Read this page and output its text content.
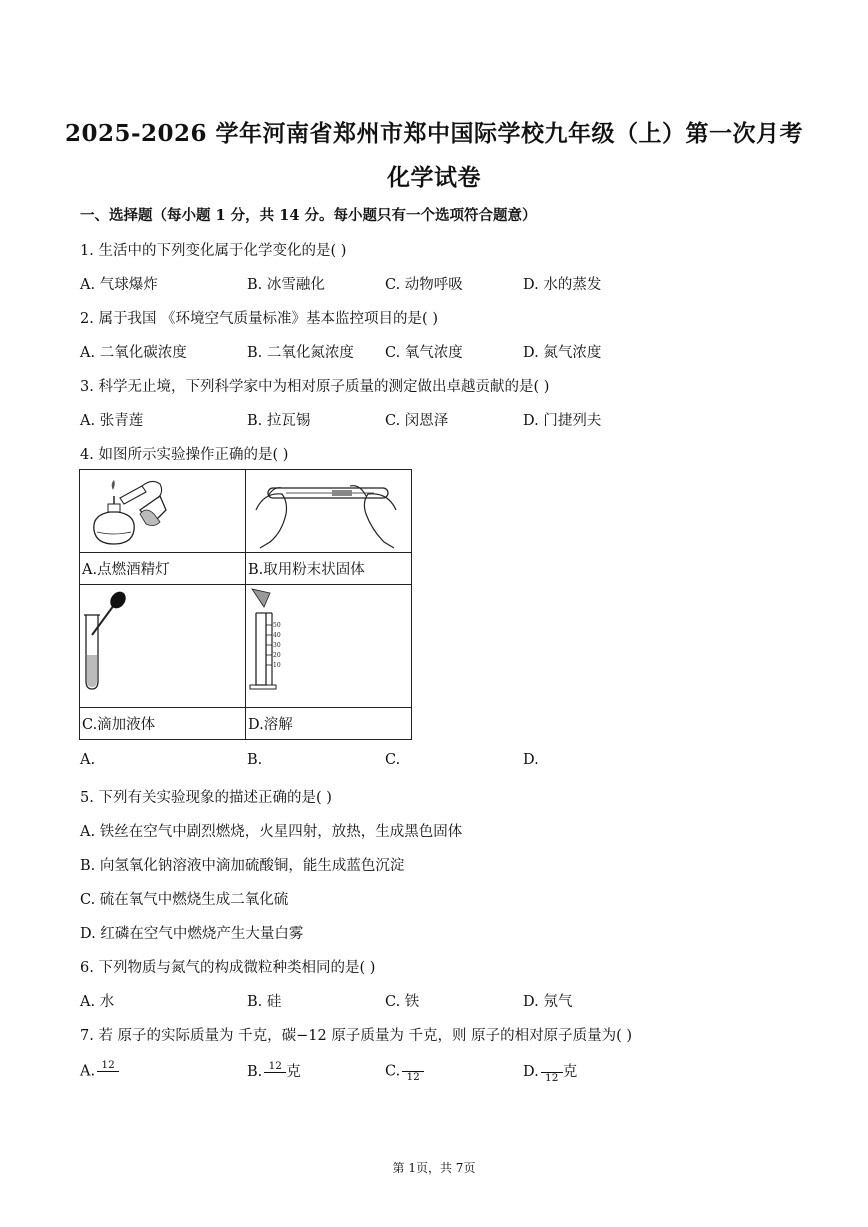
2025-2026 学年河南省郑州市郑中国际学校九年级（上）第一次月考
化学试卷
一、选择题（每小题 1 分，共 14 分。每小题只有一个选项符合题意）
1. 生活中的下列变化属于化学变化的是( )
A. 气球爆炸	B. 冰雪融化	C. 动物呼吸	D. 水的蒸发
2. 属于我国 《环境空气质量标准》基本监控项目的是( )
A. 二氧化碳浓度	B. 二氧化氮浓度 C. 氧气浓度	D. 氮气浓度
3. 科学无止境，下列科学家中为相对原子质量的测定做出卓越贡献的是( )
A. 张青莲	B. 拉瓦锡	C. 闵恩泽	D. 门捷列夫
4. 如图所示实验操作正确的是( )

A.点燃酒精灯	B.取用粉末状固体

50
40
30
20
10

C.滴加液体	D.溶解
A.	B.	C.	D.
5. 下列有关实验现象的描述正确的是( )
A. 铁丝在空气中剧烈燃烧，火星四射，放热，生成黑色固体
B. 向氢氧化钠溶液中滴加硫酸铜，能生成蓝色沉淀
C. 硫在氧气中燃烧生成二氧化硫
D. 红磷在空气中燃烧产生大量白雾
6. 下列物质与氮气的构成微粒种类相同的是( )
A. 水	B. 硅	C. 铁	D. 氖气
7. 若 原子的实际质量为 千克，碳−12 原子质量为 千克，则 原子的相对原子质量为( )
A. 12	B. 12 克	C. 12	D. 12 克
第 1页，共 7页
